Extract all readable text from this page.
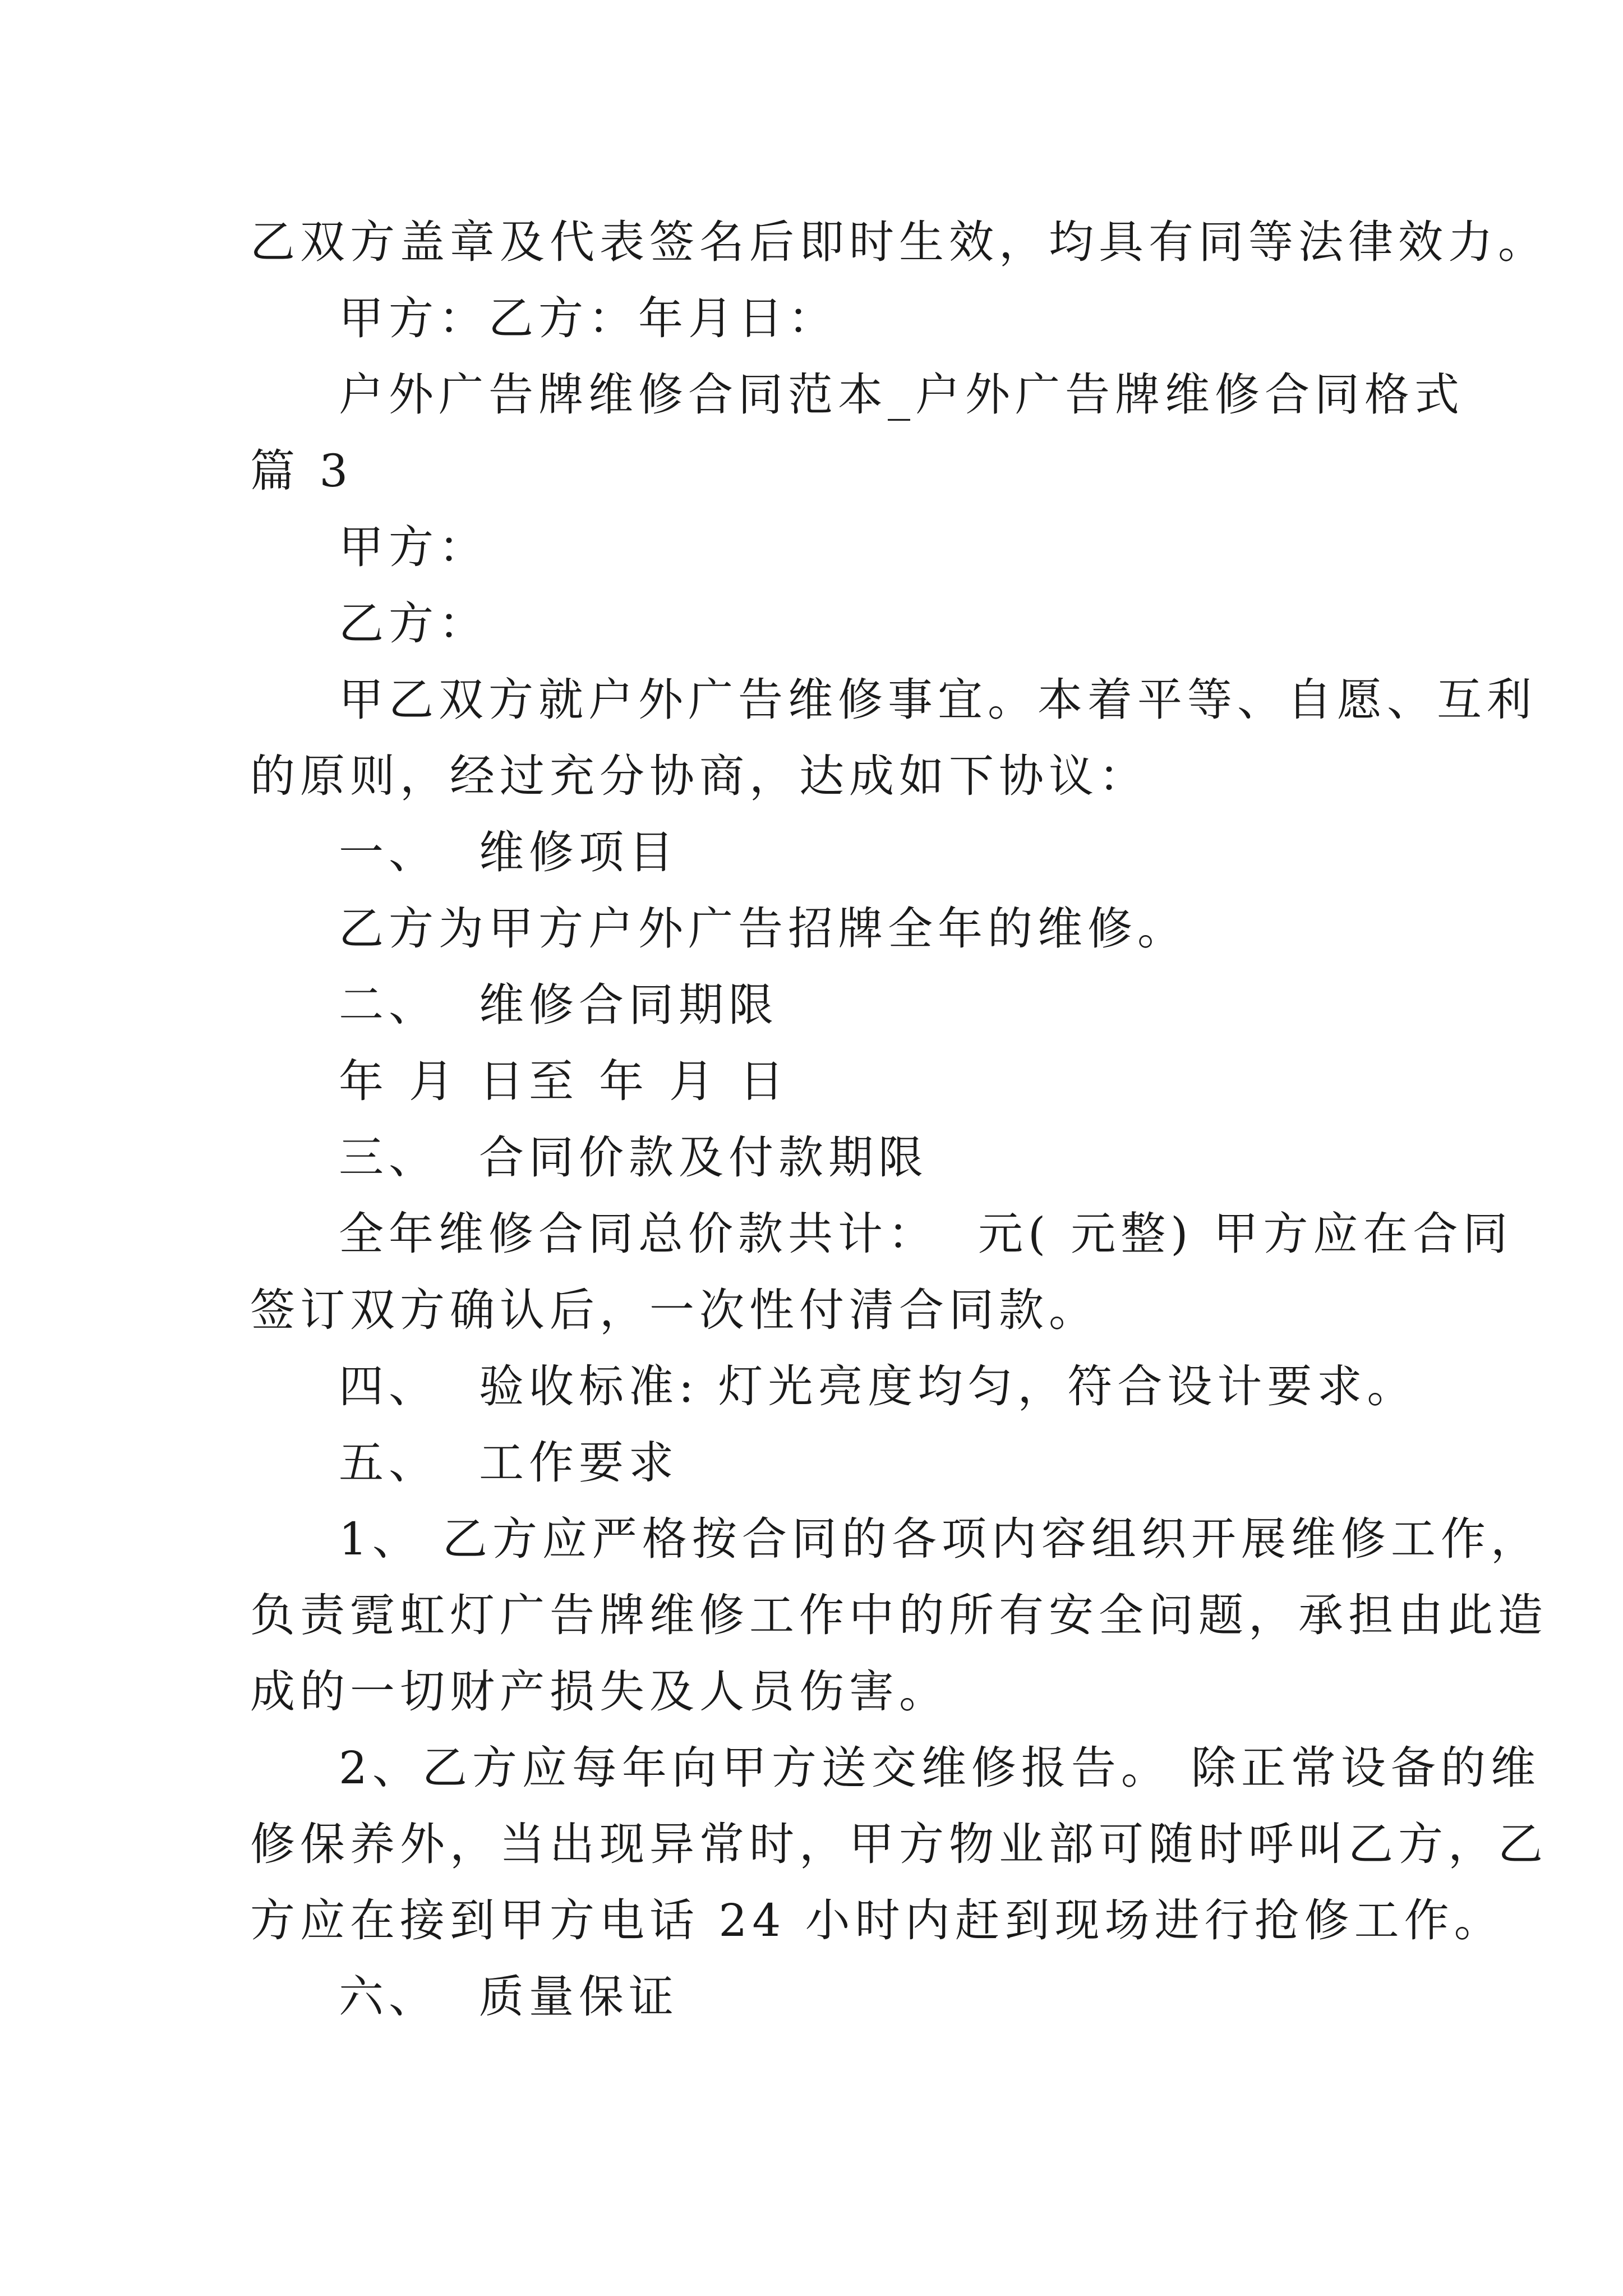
乙双方盖章及代表签名后即时生效，均具有同等法律效力。
甲方：乙方：年月日：
户外广告牌维修合同范本_户外广告牌维修合同格式
篇 3
甲方：
乙方：
甲乙双方就户外广告维修事宜。本着平等、自愿、互利
的原则，经过充分协商，达成如下协议：
一、 维修项目
乙方为甲方户外广告招牌全年的维修。
二、 维修合同期限
年 月 日至 年 月 日
三、 合同价款及付款期限
全年维修合同总价款共计： 元( 元整) 甲方应在合同
签订双方确认后，一次性付清合同款。
四、 验收标准: 灯光亮度均匀，符合设计要求。
五、 工作要求
1、 乙方应严格按合同的各项内容组织开展维修工作，
负责霓虹灯广告牌维修工作中的所有安全问题，承担由此造
成的一切财产损失及人员伤害。
2、乙方应每年向甲方送交维修报告。 除正常设备的维
修保养外，当出现异常时，甲方物业部可随时呼叫乙方，乙
方应在接到甲方电话 24 小时内赶到现场进行抢修工作。
六、 质量保证
